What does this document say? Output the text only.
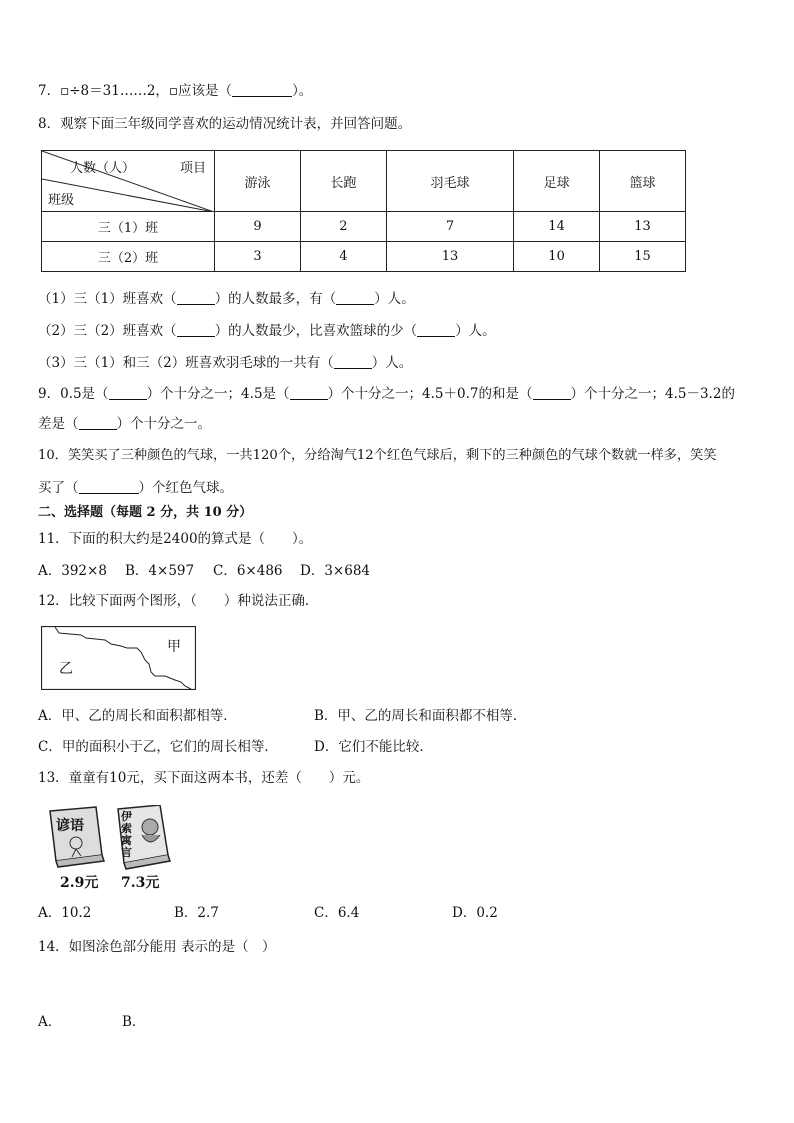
7．▫÷8＝31……2，▫应该是（	）。
8．观察下面三年级同学喜欢的运动情况统计表，并回答问题。
人数（人） 项目
班级	游泳	长跑	羽毛球	足球	篮球
三（1）班	9	2	7	14	13
三（2）班	3	4	13	10	15
（1）三（1）班喜欢（	）的人数最多，有（	）人。
（2）三（2）班喜欢（	）的人数最少，比喜欢篮球的少（	）人。
（3）三（1）和三（2）班喜欢羽毛球的一共有（	）人。
9．0.5是（	）个十分之一；4.5是（	）个十分之一；4.5＋0.7的和是（	）个十分之一；4.5－3.2的
差是（	）个十分之一。
10．笑笑买了三种颜色的气球，一共120个，分给淘气12个红色气球后，剩下的三种颜色的气球个数就一样多，笑笑
买了（	）个红色气球。
二、选择题（每题 2 分，共 10 分）
11．下面的积大约是2400的算式是（　　）。
A．392×8 B．4×597 C．6×486 D．3×684
12．比较下面两个图形，（　　）种说法正确．
甲
乙
A．甲、乙的周长和面积都相等．	B．甲、乙的周长和面积都不相等．
C．甲的面积小于乙，它们的周长相等．	D．它们不能比较．
13．童童有10元，买下面这两本书，还差（　　）元。
谚语
2.9元
伊索寓言
7.3元
A．10.2	B．2.7	C．6.4	D．0.2
14．如图涂色部分能用 表示的是（　）
A．	B．
